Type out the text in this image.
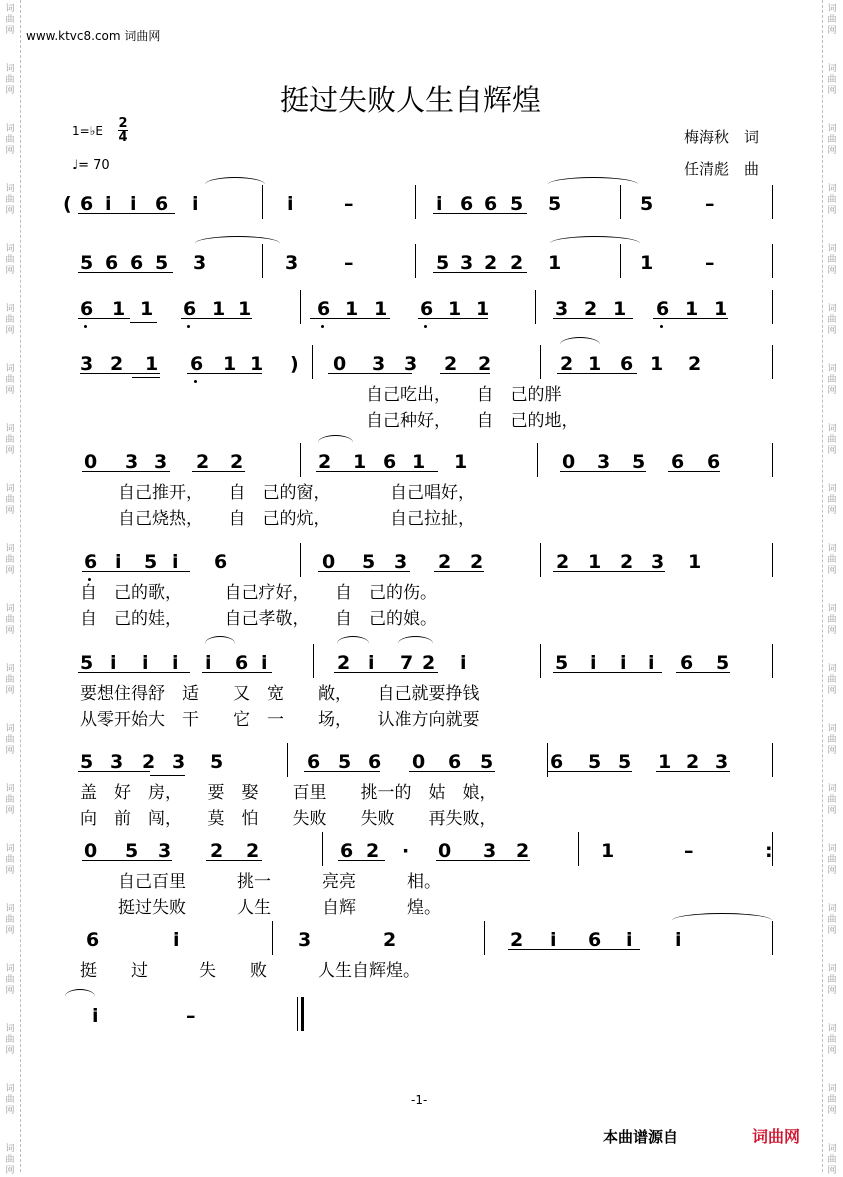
词
曲
网
词
曲
网
词
曲
网
词
曲
网
词
曲
网
词
曲
网
词
曲
网
词
曲
网
词
曲
网
词
曲
网
词
曲
网
词
曲
网
词
曲
网
词
曲
网
词
曲
网
词
曲
网
词
曲
网
词
曲
网
词
曲
网
词
曲
网
词
曲
网
词
曲
网
词
曲
网
词
曲
网
词
曲
网
词
曲
网
词
曲
网
词
曲
网
词
曲
网
词
曲
网
词
曲
网
词
曲
网
词
曲
网
词
曲
网
词
曲
网
词
曲
网
词
曲
网
词
曲
网
词
曲
网
词
曲
网
www.ktvc8.com 词曲网
挺过失败人生自辉煌
1=♭E 2
4
♩= 70
梅海秋　词
任清彪　曲
( 6 i i 6 i	i	–	i 6 6 5 5	5	–
5 6 6 5 3	3 –	5 3 2 2 1	1	–
6 1 1 6 1 1	6 1 1 6 1 1	3 2 1 6 1 1
3 2 1 6 1 1 ) 0 3 3 2 2	2 1 6 1 2
自己吃出，　　自　己的胖
自己种好，　　自　己的地，
0 3 3 2 2	2 1 6 1 1	0 3 5 6 6
自己推开，　　自　己的窗，　　　　自己唱好，
自己烧热，　　自　己的炕，　　　　自己拉扯，
6 i 5 i 6	0 5 3 2 2	2 1 2 3 1
自　己的歌，　　　自己疗好，　　自　己的伤。
自　己的娃，　　　自己孝敬，　　自　己的娘。
5 i i i i 6 i	2 i 7 2 i	5 i i i 6 5
要想住得舒　适　　又　宽　　敞，　　自己就要挣钱
从零开始大　干　　它　一　　场，　　认准方向就要
5 3 2 3 5	6 5 6 0 6 5	6 5 5 1 2 3
盖　好　房，　　要　娶　　百里　　挑一的　姑　娘，
向　前　闯，　　莫　怕　　失败　　失败　　再失败，
0 5 3 2 2	6 2 · 0 3 2	1	–	:
自己百里　　　挑一　　　亮亮　　　相。
挺过失败　　　人生　　　自辉　　　煌。
6	i	3	2	2 i 6 i i
挺　　过　　　失　　败　　　人生自辉煌。
i	–
-1-
本曲谱源自	词曲网
